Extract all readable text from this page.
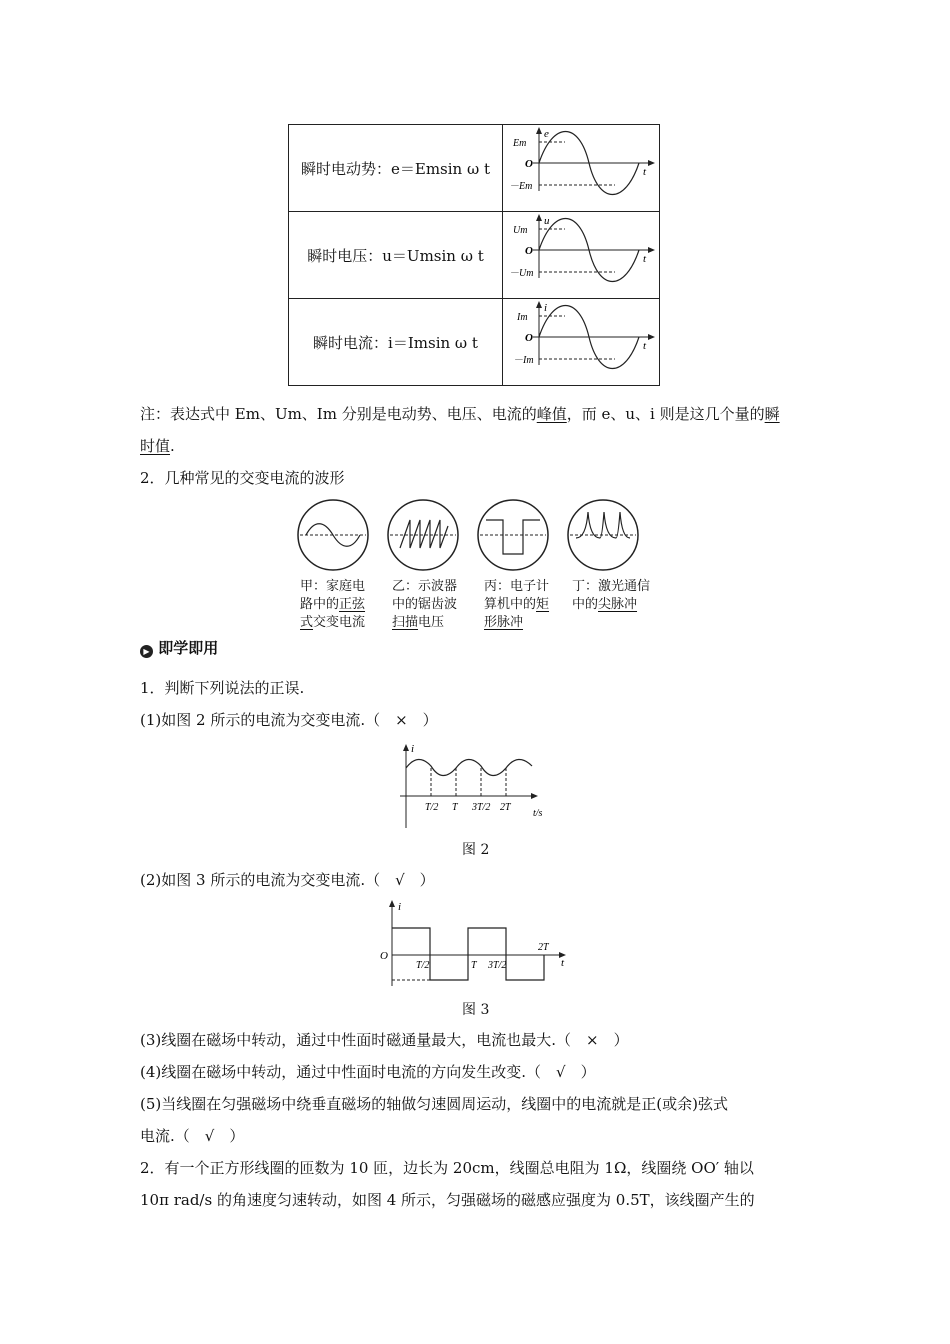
瞬时电动势：e＝Emsin ω t	e
Em
O
－Em
t

瞬时电压：u＝Umsin ω t	u
Um
O
－Um
t

瞬时电流：i＝Imsin ω t	i
Im
O
－Im
t
注：表达式中 Em、Um、Im 分别是电动势、电压、电流的峰值，而 e、u、i 则是这几个量的瞬
时值.
2．几种常见的交变电流的波形
甲：家庭电
路中的正弦
式交变电流
乙：示波器
中的锯齿波
扫描电压
丙：电子计
算机中的矩
形脉冲
丁：激光通信
中的尖脉冲
▶ 即学即用
1．判断下列说法的正误.
(1)如图 2 所示的电流为交变电流.（　×　）
i
T/2 T 3T/2 2T
t/s
图 2
(2)如图 3 所示的电流为交变电流.（　√　）
i
O
T/2	T 3T/2
2T
t
图 3
(3)线圈在磁场中转动，通过中性面时磁通量最大，电流也最大.（　×　）
(4)线圈在磁场中转动，通过中性面时电流的方向发生改变.（　√　）
(5)当线圈在匀强磁场中绕垂直磁场的轴做匀速圆周运动，线圈中的电流就是正(或余)弦式
电流.（　√　）
2．有一个正方形线圈的匝数为 10 匝，边长为 20cm，线圈总电阻为 1Ω，线圈绕 OO′ 轴以
10π rad/s 的角速度匀速转动，如图 4 所示，匀强磁场的磁感应强度为 0.5T，该线圈产生的
